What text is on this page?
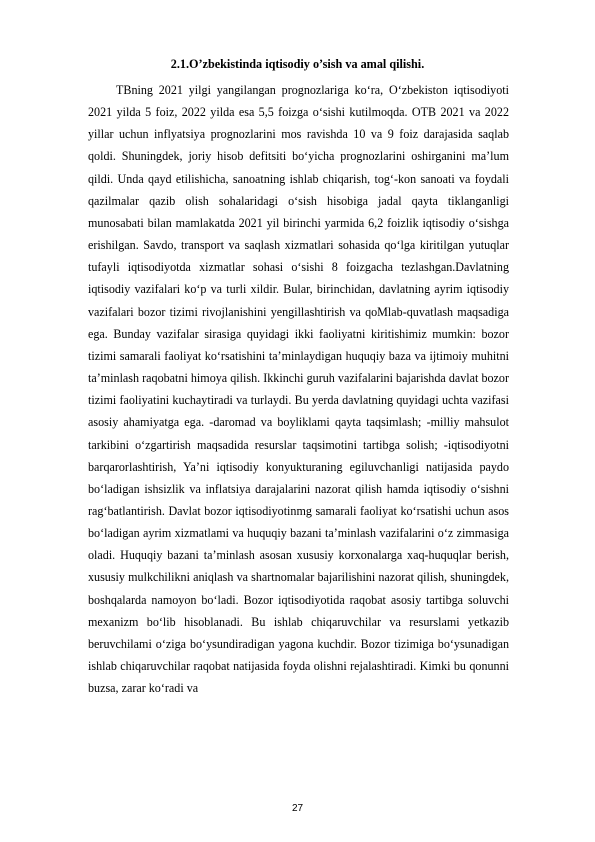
2.1.O’zbekistinda iqtisodiy o’sish va amal qilishi.

TBning 2021 yilgi yangilangan prognozlariga ko‘ra, O‘zbekiston iqtisodiyoti 2021 yilda 5 foiz, 2022 yilda esa 5,5 foizga o‘sishi kutilmoqda. OTB 2021 va 2022 yillar uchun inflyatsiya prognozlarini mos ravishda 10 va 9 foiz darajasida saqlab qoldi. Shuningdek, joriy hisob defitsiti bo‘yicha prognozlarini oshirganini ma’lum qildi. Unda qayd etilishicha, sanoatning ishlab chiqarish, tog‘-kon sanoati va foydali qazilmalar qazib olish sohalaridagi o‘sish hisobiga jadal qayta tiklanganligi munosabati bilan mamlakatda 2021 yil birinchi yarmida 6,2 foizlik iqtisodiy o‘sishga erishilgan. Savdo, transport va saqlash xizmatlari sohasida qo‘lga kiritilgan yutuqlar tufayli iqtisodiyotda xizmatlar sohasi o‘sishi 8 foizgacha tezlashgan.Davlatning iqtisodiy vazifalari ko‘p va turli xildir. Bular, birinchidan, davlatning ayrim iqtisodiy vazifalari bozor tizimi rivojlanishini yengillashtirish va qoMlab-quvatlash maqsadiga ega. Bunday vazifalar sirasiga quyidagi ikki faoliyatni kiritishimiz mumkin: bozor tizimi samarali faoliyat ko‘rsatishini ta’minlaydigan huquqiy baza va ijtimoiy muhitni ta’minlash raqobatni himoya qilish. Ikkinchi guruh vazifalarini bajarishda davlat bozor tizimi faoliyatini kuchaytiradi va turlaydi. Bu yerda davlatning quyidagi uchta vazifasi asosiy ahamiyatga ega. -daromad va boyliklami qayta taqsimlash; -milliy mahsulot tarkibini o‘zgartirish maqsadida resurslar taqsimotini tartibga solish; -iqtisodiyotni barqarorlashtirish, Ya’ni iqtisodiy konyukturaning egiluvchanligi natijasida paydo bo‘ladigan ishsizlik va inflatsiya darajalarini nazorat qilish hamda iqtisodiy o‘sishni rag‘batlantirish. Davlat bozor iqtisodiyotinmg samarali faoliyat ko‘rsatishi uchun asos bo‘ladigan ayrim xizmatlami va huquqiy bazani ta’minlash vazifalarini o‘z zimmasiga oladi. Huquqiy bazani ta’minlash asosan xususiy korxonalarga xaq-huquqlar berish, xususiy mulkchilikni aniqlash va shartnomalar bajarilishini nazorat qilish, shuningdek, boshqalarda namoyon bo‘ladi. Bozor iqtisodiyotida raqobat asosiy tartibga soluvchi mexanizm bo‘lib hisoblanadi. Bu ishlab chiqaruvchilar va resurslami yetkazib beruvchilami o‘ziga bo‘ysundiradigan yagona kuchdir. Bozor tizimiga bo‘ysunadigan ishlab chiqaruvchilar raqobat natijasida foyda olishni rejalashtiradi. Kimki bu qonunni buzsa, zarar ko‘radi va

27
